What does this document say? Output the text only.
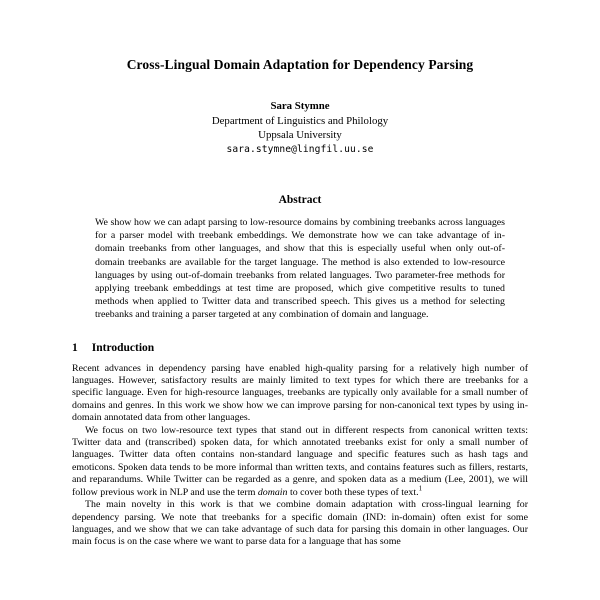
Cross-Lingual Domain Adaptation for Dependency Parsing
Sara Stymne
Department of Linguistics and Philology
Uppsala University
sara.stymne@lingfil.uu.se
Abstract

We show how we can adapt parsing to low-resource domains by combining treebanks across languages for a parser model with treebank embeddings. We demonstrate how we can take advantage of in-domain treebanks from other languages, and show that this is especially useful when only out-of-domain treebanks are available for the target language. The method is also extended to low-resource languages by using out-of-domain treebanks from related languages. Two parameter-free methods for applying treebank embeddings at test time are proposed, which give competitive results to tuned methods when applied to Twitter data and transcribed speech. This gives us a method for selecting treebanks and training a parser targeted at any combination of domain and language.

1 Introduction

Recent advances in dependency parsing have enabled high-quality parsing for a relatively high number of languages. However, satisfactory results are mainly limited to text types for which there are treebanks for a specific language. Even for high-resource languages, treebanks are typically only available for a small number of domains and genres. In this work we show how we can improve parsing for non-canonical text types by using in-domain annotated data from other languages.

We focus on two low-resource text types that stand out in different respects from canonical written texts: Twitter data and (transcribed) spoken data, for which annotated treebanks exist for only a small number of languages. Twitter data often contains non-standard language and specific features such as hash tags and emoticons. Spoken data tends to be more informal than written texts, and contains features such as fillers, restarts, and reparandums. While Twitter can be regarded as a genre, and spoken data as a medium (Lee, 2001), we will follow previous work in NLP and use the term domain to cover both these types of text.$^1$

The main novelty in this work is that we combine domain adaptation with cross-lingual learning for dependency parsing. We note that treebanks for a specific domain (IND: in-domain) often exist for some languages, and we show that we can take advantage of such data for parsing this domain in other languages. Our main focus is on the case where we want to parse data for a language that has some
